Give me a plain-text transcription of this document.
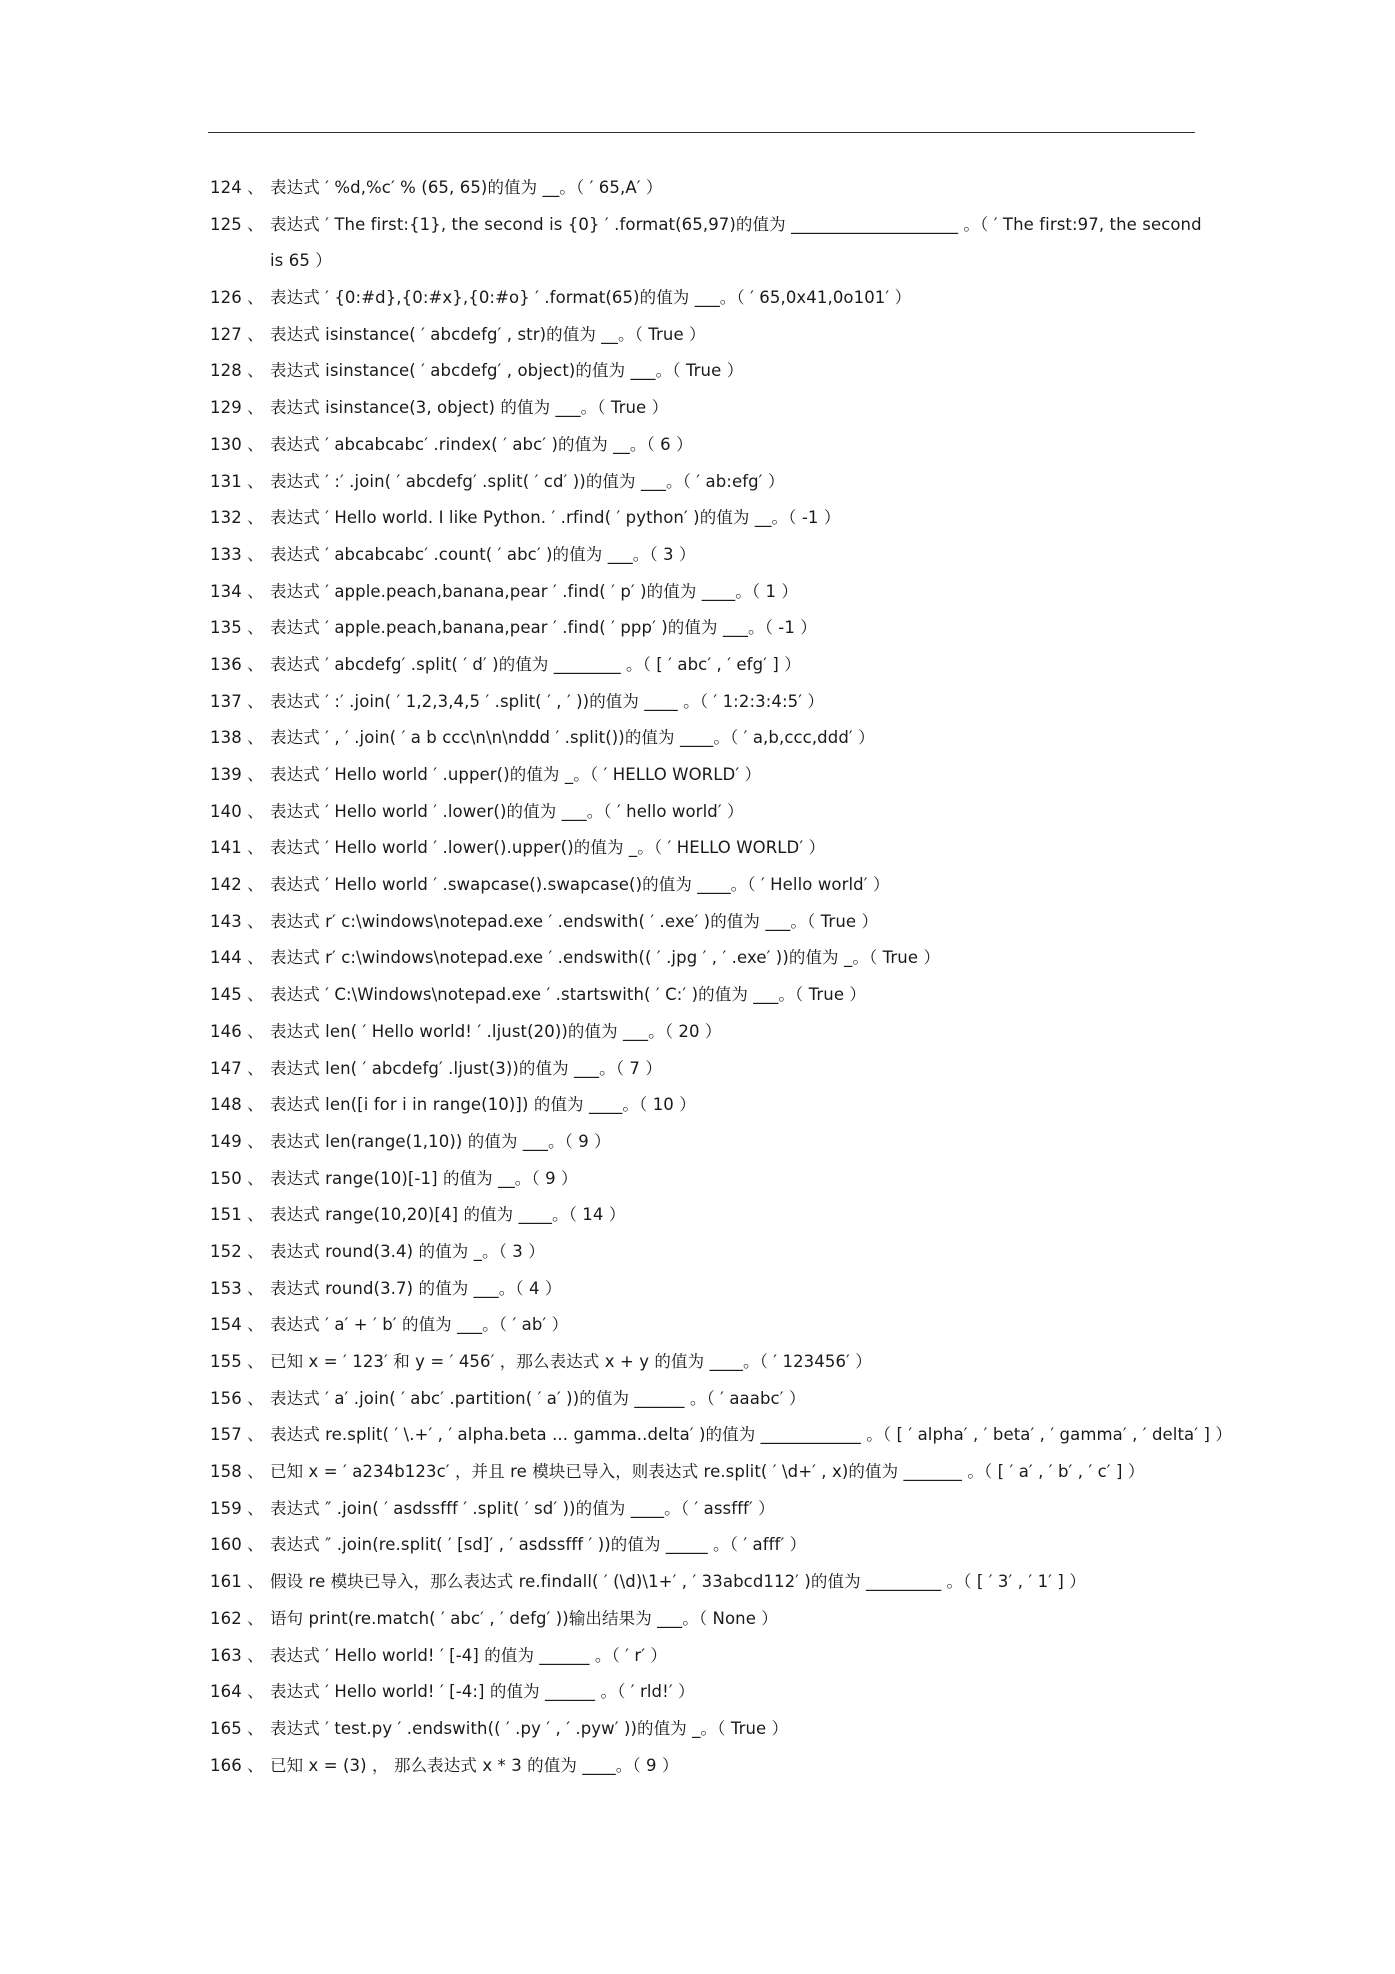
124 、 表达式 ′ %d,%c′ % (65, 65)的值为 __。（ ′ 65,A′ ）
125 、 表达式 ′ The first:{1}, the second is {0} ′ .format(65,97)的值为 ____________________ 。（ ′ The first:97, the second
is 65 ）
126 、 表达式 ′ {0:#d},{0:#x},{0:#o} ′ .format(65)的值为 ___。（ ′ 65,0x41,0o101′ ）
127 、 表达式 isinstance( ′ abcdefg′ , str)的值为 __。（ True ）
128 、 表达式 isinstance( ′ abcdefg′ , object)的值为 ___。（ True ）
129 、 表达式 isinstance(3, object) 的值为 ___。（ True ）
130 、 表达式 ′ abcabcabc′ .rindex( ′ abc′ )的值为 __。（ 6 ）
131 、 表达式 ′ :′ .join( ′ abcdefg′ .split( ′ cd′ ))的值为 ___。（ ′ ab:efg′ ）
132 、 表达式 ′ Hello world. I like Python. ′ .rfind( ′ python′ )的值为 __。（ -1 ）
133 、 表达式 ′ abcabcabc′ .count( ′ abc′ )的值为 ___。（ 3 ）
134 、 表达式 ′ apple.peach,banana,pear ′ .find( ′ p′ )的值为 ____。（ 1 ）
135 、 表达式 ′ apple.peach,banana,pear ′ .find( ′ ppp′ )的值为 ___。（ -1 ）
136 、 表达式 ′ abcdefg′ .split( ′ d′ )的值为 ________ 。（ [ ′ abc′ , ′ efg′ ] ）
137 、 表达式 ′ :′ .join( ′ 1,2,3,4,5 ′ .split( ′ , ′ ))的值为 ____ 。（ ′ 1:2:3:4:5′ ）
138 、 表达式 ′ , ′ .join( ′ a b ccc\n\n\nddd ′ .split())的值为 ____。（ ′ a,b,ccc,ddd′ ）
139 、 表达式 ′ Hello world ′ .upper()的值为 _。（ ′ HELLO WORLD′ ）
140 、 表达式 ′ Hello world ′ .lower()的值为 ___。（ ′ hello world′ ）
141 、 表达式 ′ Hello world ′ .lower().upper()的值为 _。（ ′ HELLO WORLD′ ）
142 、 表达式 ′ Hello world ′ .swapcase().swapcase()的值为 ____。（ ′ Hello world′ ）
143 、 表达式 r′ c:\windows\notepad.exe ′ .endswith( ′ .exe′ )的值为 ___。（ True ）
144 、 表达式 r′ c:\windows\notepad.exe ′ .endswith(( ′ .jpg ′ , ′ .exe′ ))的值为 _。（ True ）
145 、 表达式 ′ C:\Windows\notepad.exe ′ .startswith( ′ C:′ )的值为 ___。（ True ）
146 、 表达式 len( ′ Hello world! ′ .ljust(20))的值为 ___。（ 20 ）
147 、 表达式 len( ′ abcdefg′ .ljust(3))的值为 ___。（ 7 ）
148 、 表达式 len([i for i in range(10)]) 的值为 ____。（ 10 ）
149 、 表达式 len(range(1,10)) 的值为 ___。（ 9 ）
150 、 表达式 range(10)[-1] 的值为 __。（ 9 ）
151 、 表达式 range(10,20)[4] 的值为 ____。（ 14 ）
152 、 表达式 round(3.4) 的值为 _。（ 3 ）
153 、 表达式 round(3.7) 的值为 ___。（ 4 ）
154 、 表达式 ′ a′ + ′ b′ 的值为 ___。（ ′ ab′ ）
155 、 已知 x = ′ 123′ 和 y = ′ 456′ ，那么表达式 x + y 的值为 ____。（ ′ 123456′ ）
156 、 表达式 ′ a′ .join( ′ abc′ .partition( ′ a′ ))的值为 ______ 。（ ′ aaabc′ ）
157 、 表达式 re.split( ′ \.+′ , ′ alpha.beta ... gamma..delta′ )的值为 ____________ 。（ [ ′ alpha′ , ′ beta′ , ′ gamma′ , ′ delta′ ] ）
158 、 已知 x = ′ a234b123c′ ，并且 re 模块已导入，则表达式 re.split( ′ \d+′ , x)的值为 _______ 。（ [ ′ a′ , ′ b′ , ′ c′ ] ）
159 、 表达式 ″ .join( ′ asdssfff ′ .split( ′ sd′ ))的值为 ____。（ ′ assfff′ ）
160 、 表达式 ″ .join(re.split( ′ [sd]′ , ′ asdssfff ′ ))的值为 _____ 。（ ′ afff′ ）
161 、 假设 re 模块已导入，那么表达式 re.findall( ′ (\d)\1+′ , ′ 33abcd112′ )的值为 _________ 。（ [ ′ 3′ , ′ 1′ ] ）
162 、 语句 print(re.match( ′ abc′ , ′ defg′ ))输出结果为 ___。（ None ）
163 、 表达式 ′ Hello world! ′ [-4] 的值为 ______ 。（ ′ r′ ）
164 、 表达式 ′ Hello world! ′ [-4:] 的值为 ______ 。（ ′ rld!′ ）
165 、 表达式 ′ test.py ′ .endswith(( ′ .py ′ , ′ .pyw′ ))的值为 _。（ True ）
166 、 已知 x = (3) ， 那么表达式 x * 3 的值为 ____。（ 9 ）
